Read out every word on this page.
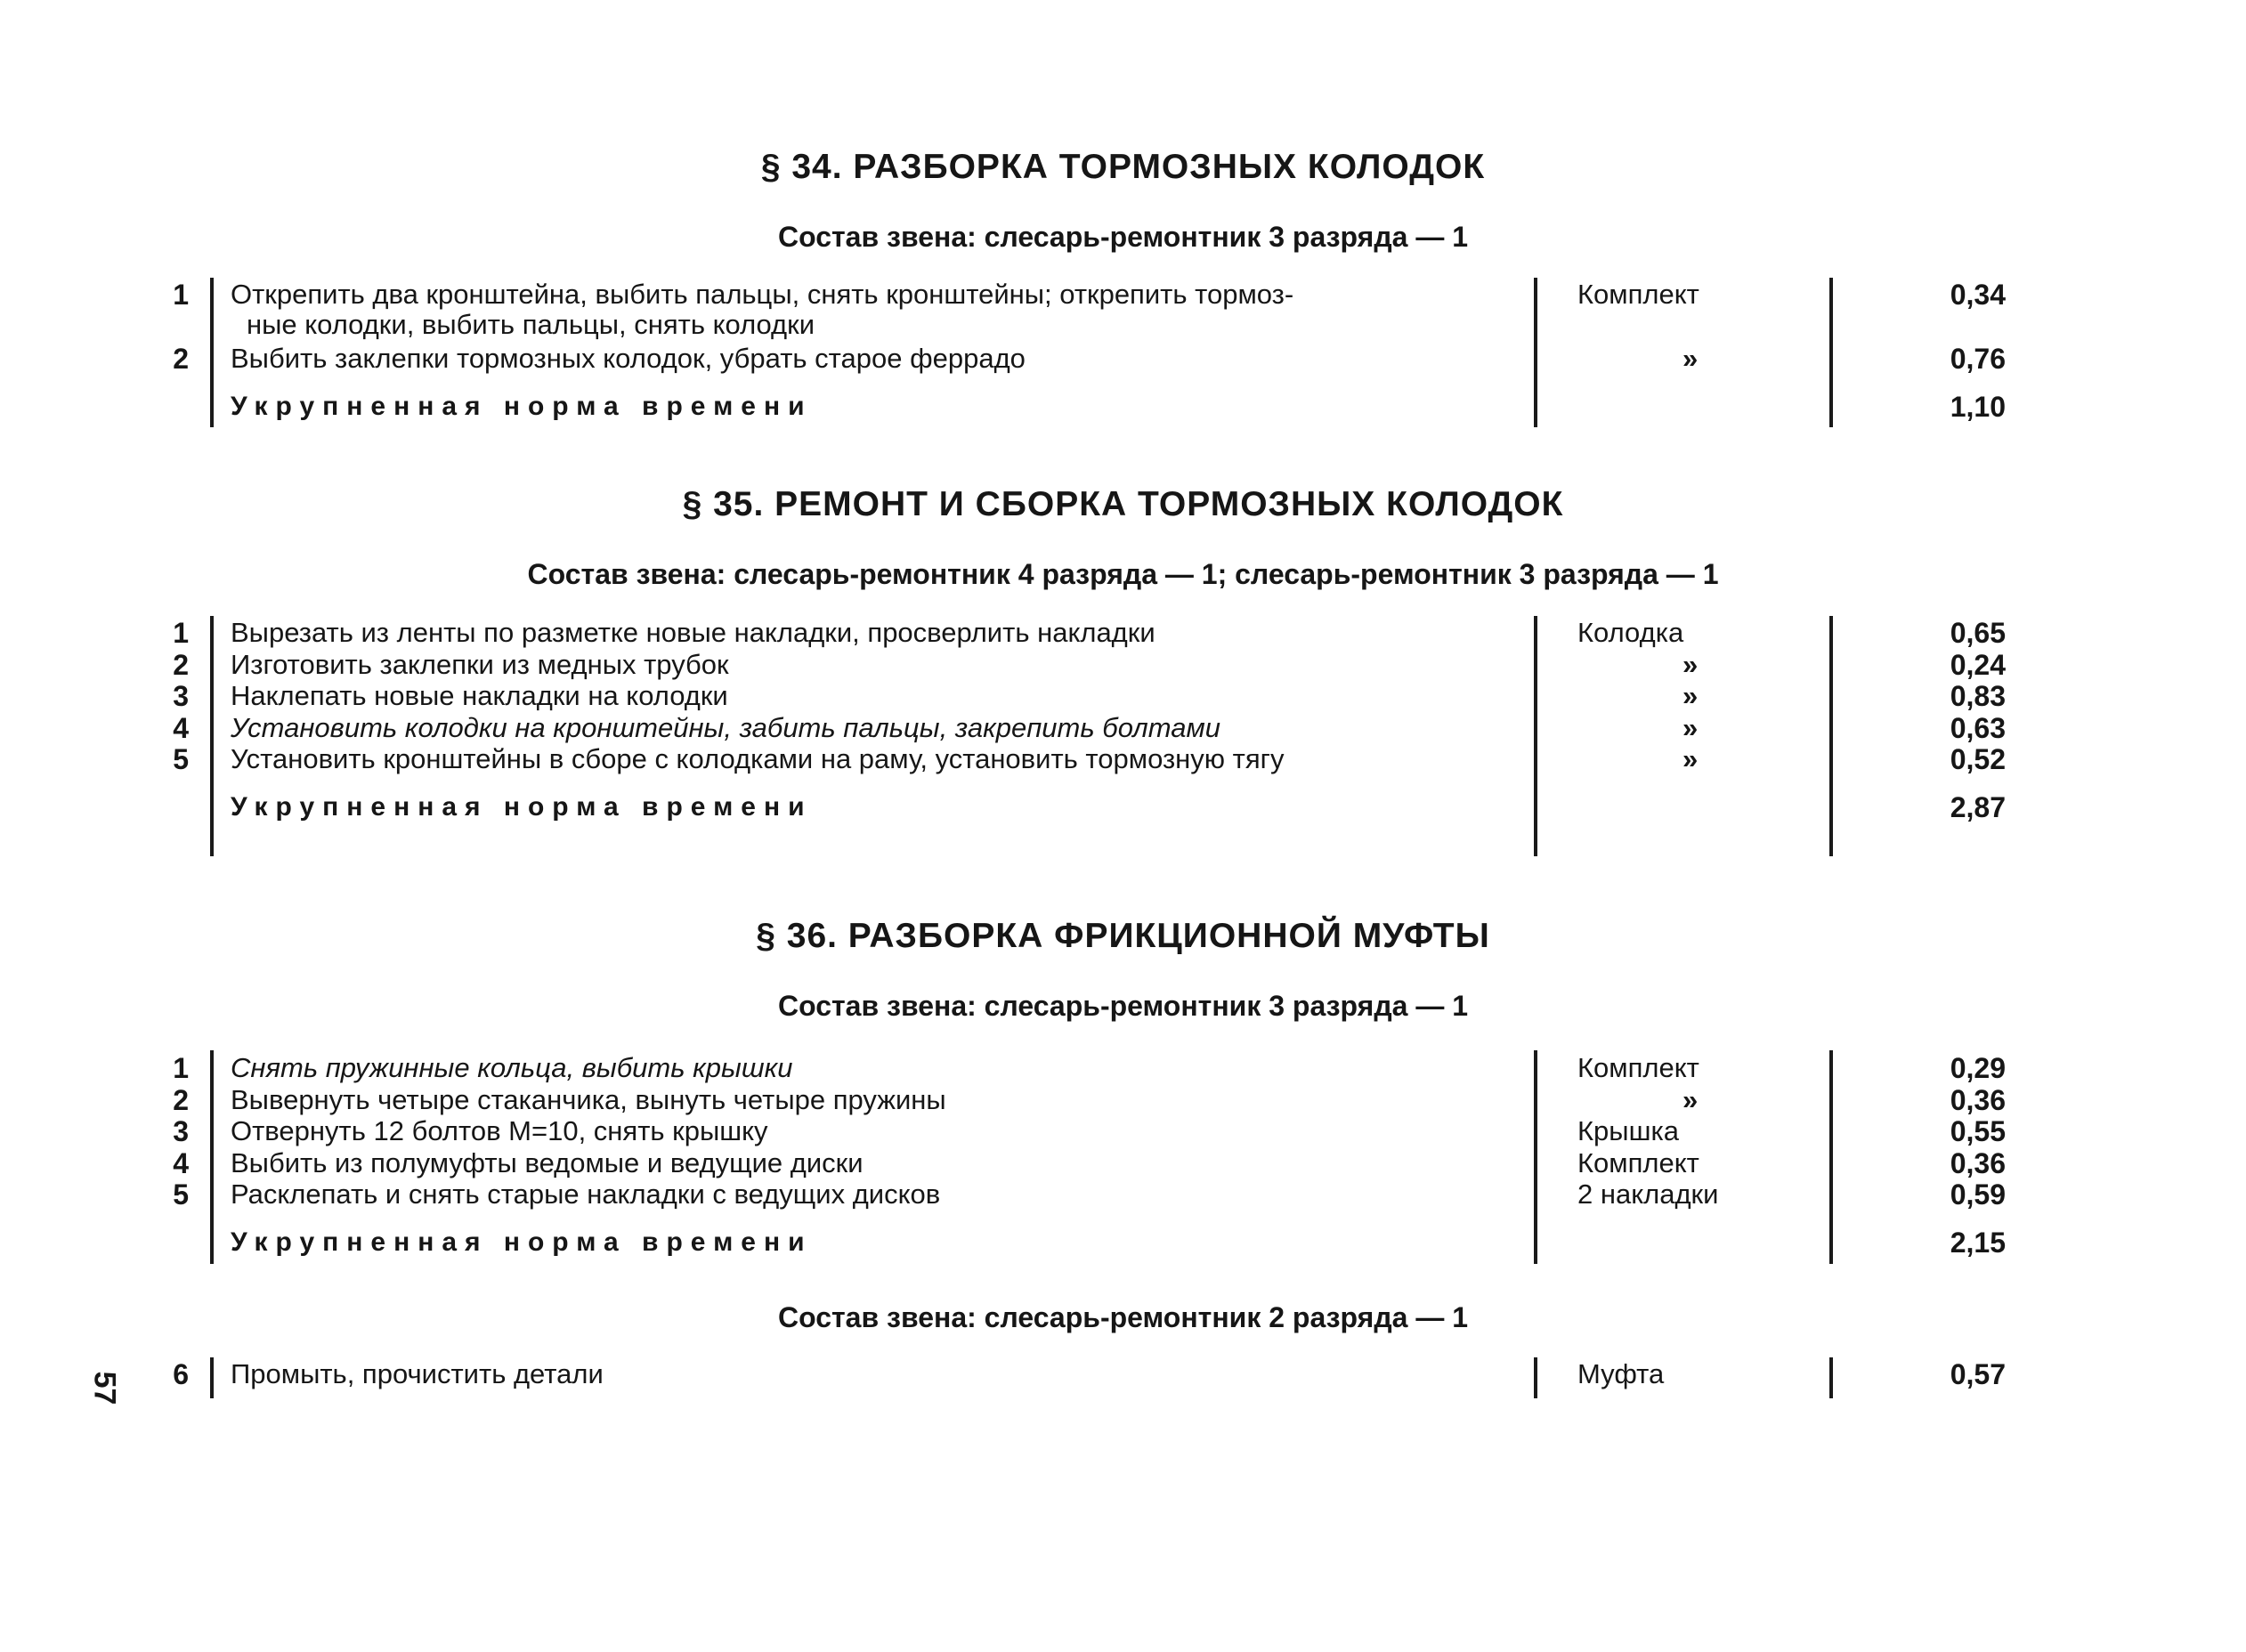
§ 34. РАЗБОРКА ТОРМОЗНЫХ КОЛОДОК
Состав звена: слесарь-ремонтник 3 разряда — 1
1 Открепить два кронштейна, выбить пальцы, снять кронштейны; открепить тормоз-
ные колодки, выбить пальцы, снять колодки
Комплект	0,34
2 Выбить заклепки тормозных колодок, убрать старое феррадо	»	0,76
Укрупненная норма времени	1,10
§ 35. РЕМОНТ И СБОРКА ТОРМОЗНЫХ КОЛОДОК
Состав звена: слесарь-ремонтник 4 разряда — 1; слесарь-ремонтник 3 разряда — 1
1 Вырезать из ленты по разметке новые накладки, просверлить накладки	Колодка	0,65
2 Изготовить заклепки из медных трубок	»	0,24
3 Наклепать новые накладки на колодки	»	0,83
4 Установить колодки на кронштейны, забить пальцы, закрепить болтами	»	0,63
5 Установить кронштейны в сборе с колодками на раму, установить тормозную тягу	»	0,52
Укрупненная норма времени	2,87
§ 36. РАЗБОРКА ФРИКЦИОННОЙ МУФТЫ
Состав звена: слесарь-ремонтник 3 разряда — 1
1 Снять пружинные кольца, выбить крышки	Комплект	0,29
2 Вывернуть четыре стаканчика, вынуть четыре пружины	»	0,36
3 Отвернуть 12 болтов М=10, снять крышку	Крышка	0,55
4 Выбить из полумуфты ведомые и ведущие диски	Комплект	0,36
5 Расклепать и снять старые накладки с ведущих дисков	2 накладки	0,59
Укрупненная норма времени	2,15
Состав звена: слесарь-ремонтник 2 разряда — 1
6 Промыть, прочистить детали	Муфта	0,57
57
